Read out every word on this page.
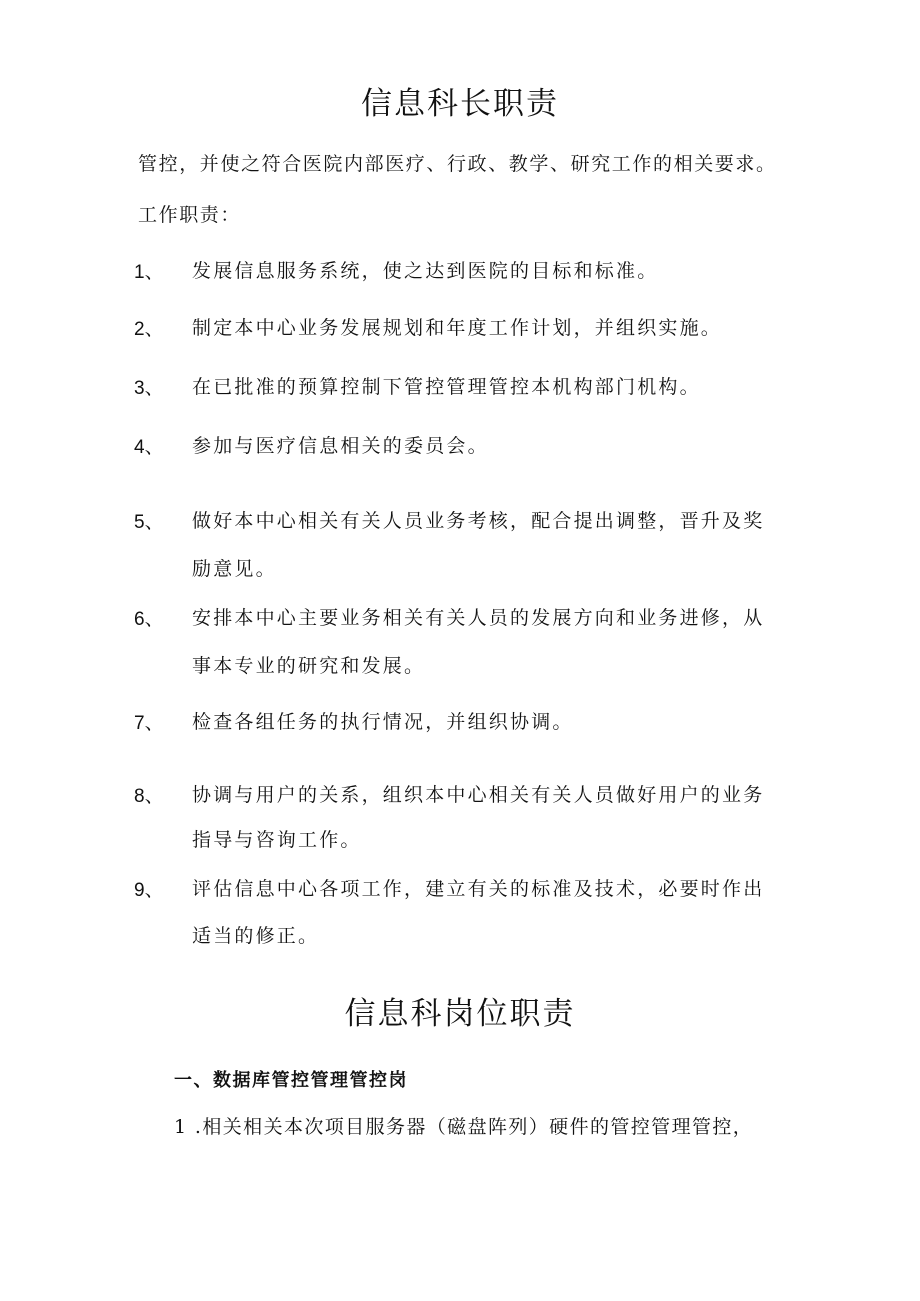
信息科长职责
管控，并使之符合医院内部医疗、行政、教学、研究工作的相关要求。
工作职责：
1、 发展信息服务系统，使之达到医院的目标和标准。
2、 制定本中心业务发展规划和年度工作计划，并组织实施。
3、 在已批准的预算控制下管控管理管控本机构部门机构。
4、 参加与医疗信息相关的委员会。
5、 做好本中心相关有关人员业务考核，配合提出调整，晋升及奖
励意见。
6、 安排本中心主要业务相关有关人员的发展方向和业务进修，从
事本专业的研究和发展。
7、 检查各组任务的执行情况，并组织协调。
8、 协调与用户的关系，组织本中心相关有关人员做好用户的业务
指导与咨询工作。
9、 评估信息中心各项工作，建立有关的标准及技术，必要时作出
适当的修正。
信息科岗位职责
一、数据库管控管理管控岗
1 .相关相关本次项目服务器（磁盘阵列）硬件的管控管理管控，
